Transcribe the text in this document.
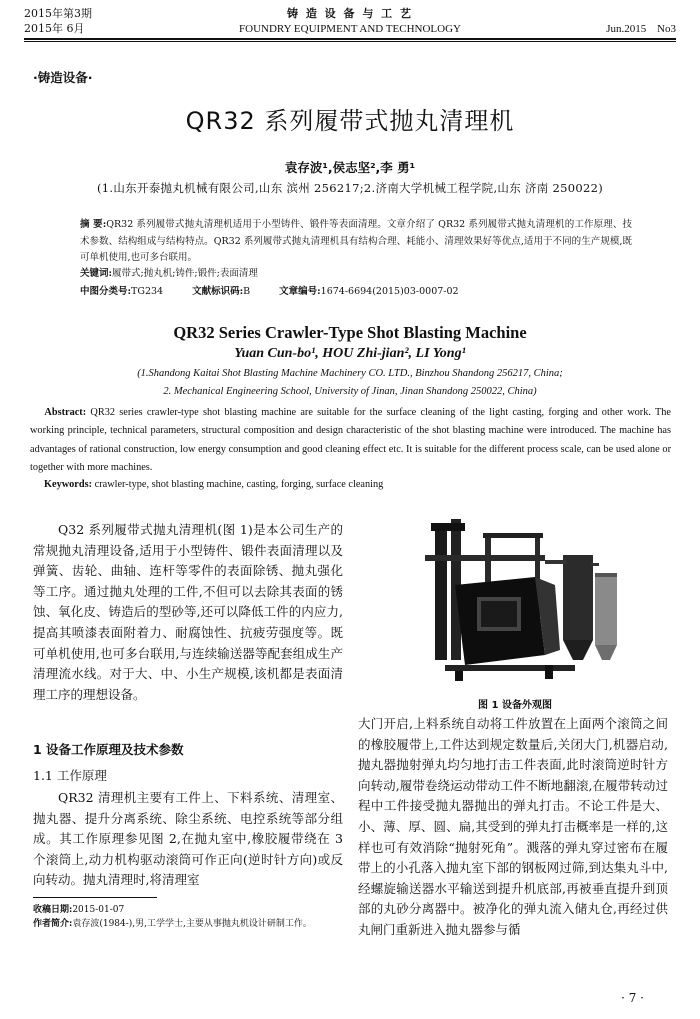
2015年第3期
2015年 6月
铸 造 设 备 与 工 艺
FOUNDRY EQUIPMENT AND TECHNOLOGY	Jun.2015 No3
·铸造设备·
QR32 系列履带式抛丸清理机
袁存波¹,侯志坚²,李 勇¹
(1.山东开泰抛丸机械有限公司,山东 滨州 256217;2.济南大学机械工程学院,山东 济南 250022)
摘 要:QR32 系列履带式抛丸清理机适用于小型铸件、锻件等表面清理。文章介绍了 QR32 系列履带式抛丸清理机的工作原理、技术参数、结构组成与结构特点。QR32 系列履带式抛丸清理机具有结构合理、耗能小、清理效果好等优点,适用于不同的生产规模,既可单机使用,也可多台联用。
关键词:履带式;抛丸机;铸件;锻件;表面清理
中图分类号:TG234	文献标识码:B	文章编号:1674-6694(2015)03-0007-02
QR32 Series Crawler-Type Shot Blasting Machine
Yuan Cun-bo¹, HOU Zhi-jian², LI Yong¹
(1.Shandong Kaitai Shot Blasting Machine Machinery CO. LTD., Binzhou Shandong 256217, China;
2. Mechanical Engineering School, University of Jinan, Jinan Shandong 250022, China)
Abstract: QR32 series crawler-type shot blasting machine are suitable for the surface cleaning of the light casting, forging and other work. The working principle, technical parameters, structural composition and design characteristic of the shot blasting machine were introduced. The machine has advantages of rational construction, low energy consumption and good cleaning effect etc. It is suitable for the different process scale, can be used alone or together with more machines.
Keywords: crawler-type, shot blasting machine, casting, forging, surface cleaning
Q32 系列履带式抛丸清理机(图 1)是本公司生产的常规抛丸清理设备,适用于小型铸件、锻件表面清理以及弹簧、齿轮、曲轴、连杆等零件的表面除锈、抛丸强化等工序。通过抛丸处理的工件,不但可以去除其表面的锈蚀、氧化皮、铸造后的型砂等,还可以降低工件的内应力,提高其喷漆表面附着力、耐腐蚀性、抗疲劳强度等。既可单机使用,也可多台联用,与连续输送器等配套组成生产清理流水线。对于大、中、小生产规模,该机都是表面清理工序的理想设备。
1 设备工作原理及技术参数
1.1 工作原理
QR32 清理机主要有工件上、下料系统、清理室、抛丸器、提升分离系统、除尘系统、电控系统等部分组成。其工作原理参见图 2,在抛丸室中,橡胶履带绕在 3 个滚筒上,动力机构驱动滚筒可作正向(逆时针方向)或反向转动。抛丸清理时,将清理室
收稿日期:2015-01-07
作者简介:袁存波(1984-),男,工学学士,主要从事抛丸机设计研制工作。
图 1 设备外观图
大门开启,上料系统自动将工件放置在上面两个滚筒之间的橡胶履带上,工件达到规定数量后,关闭大门,机器启动,抛丸器抛射弹丸均匀地打击工件表面,此时滚筒逆时针方向转动,履带卷绕运动带动工件不断地翻滚,在履带转动过程中工件接受抛丸器抛出的弹丸打击。不论工件是大、小、薄、厚、圆、扁,其受到的弹丸打击概率是一样的,这样也可有效消除“抛射死角”。溅落的弹丸穿过密布在履带上的小孔落入抛丸室下部的钢板网过筛,到达集丸斗中,经螺旋输送器水平输送到提升机底部,再被垂直提升到顶部的丸砂分离器中。被净化的弹丸流入储丸仓,再经过供丸闸门重新进入抛丸器参与循
· 7 ·
